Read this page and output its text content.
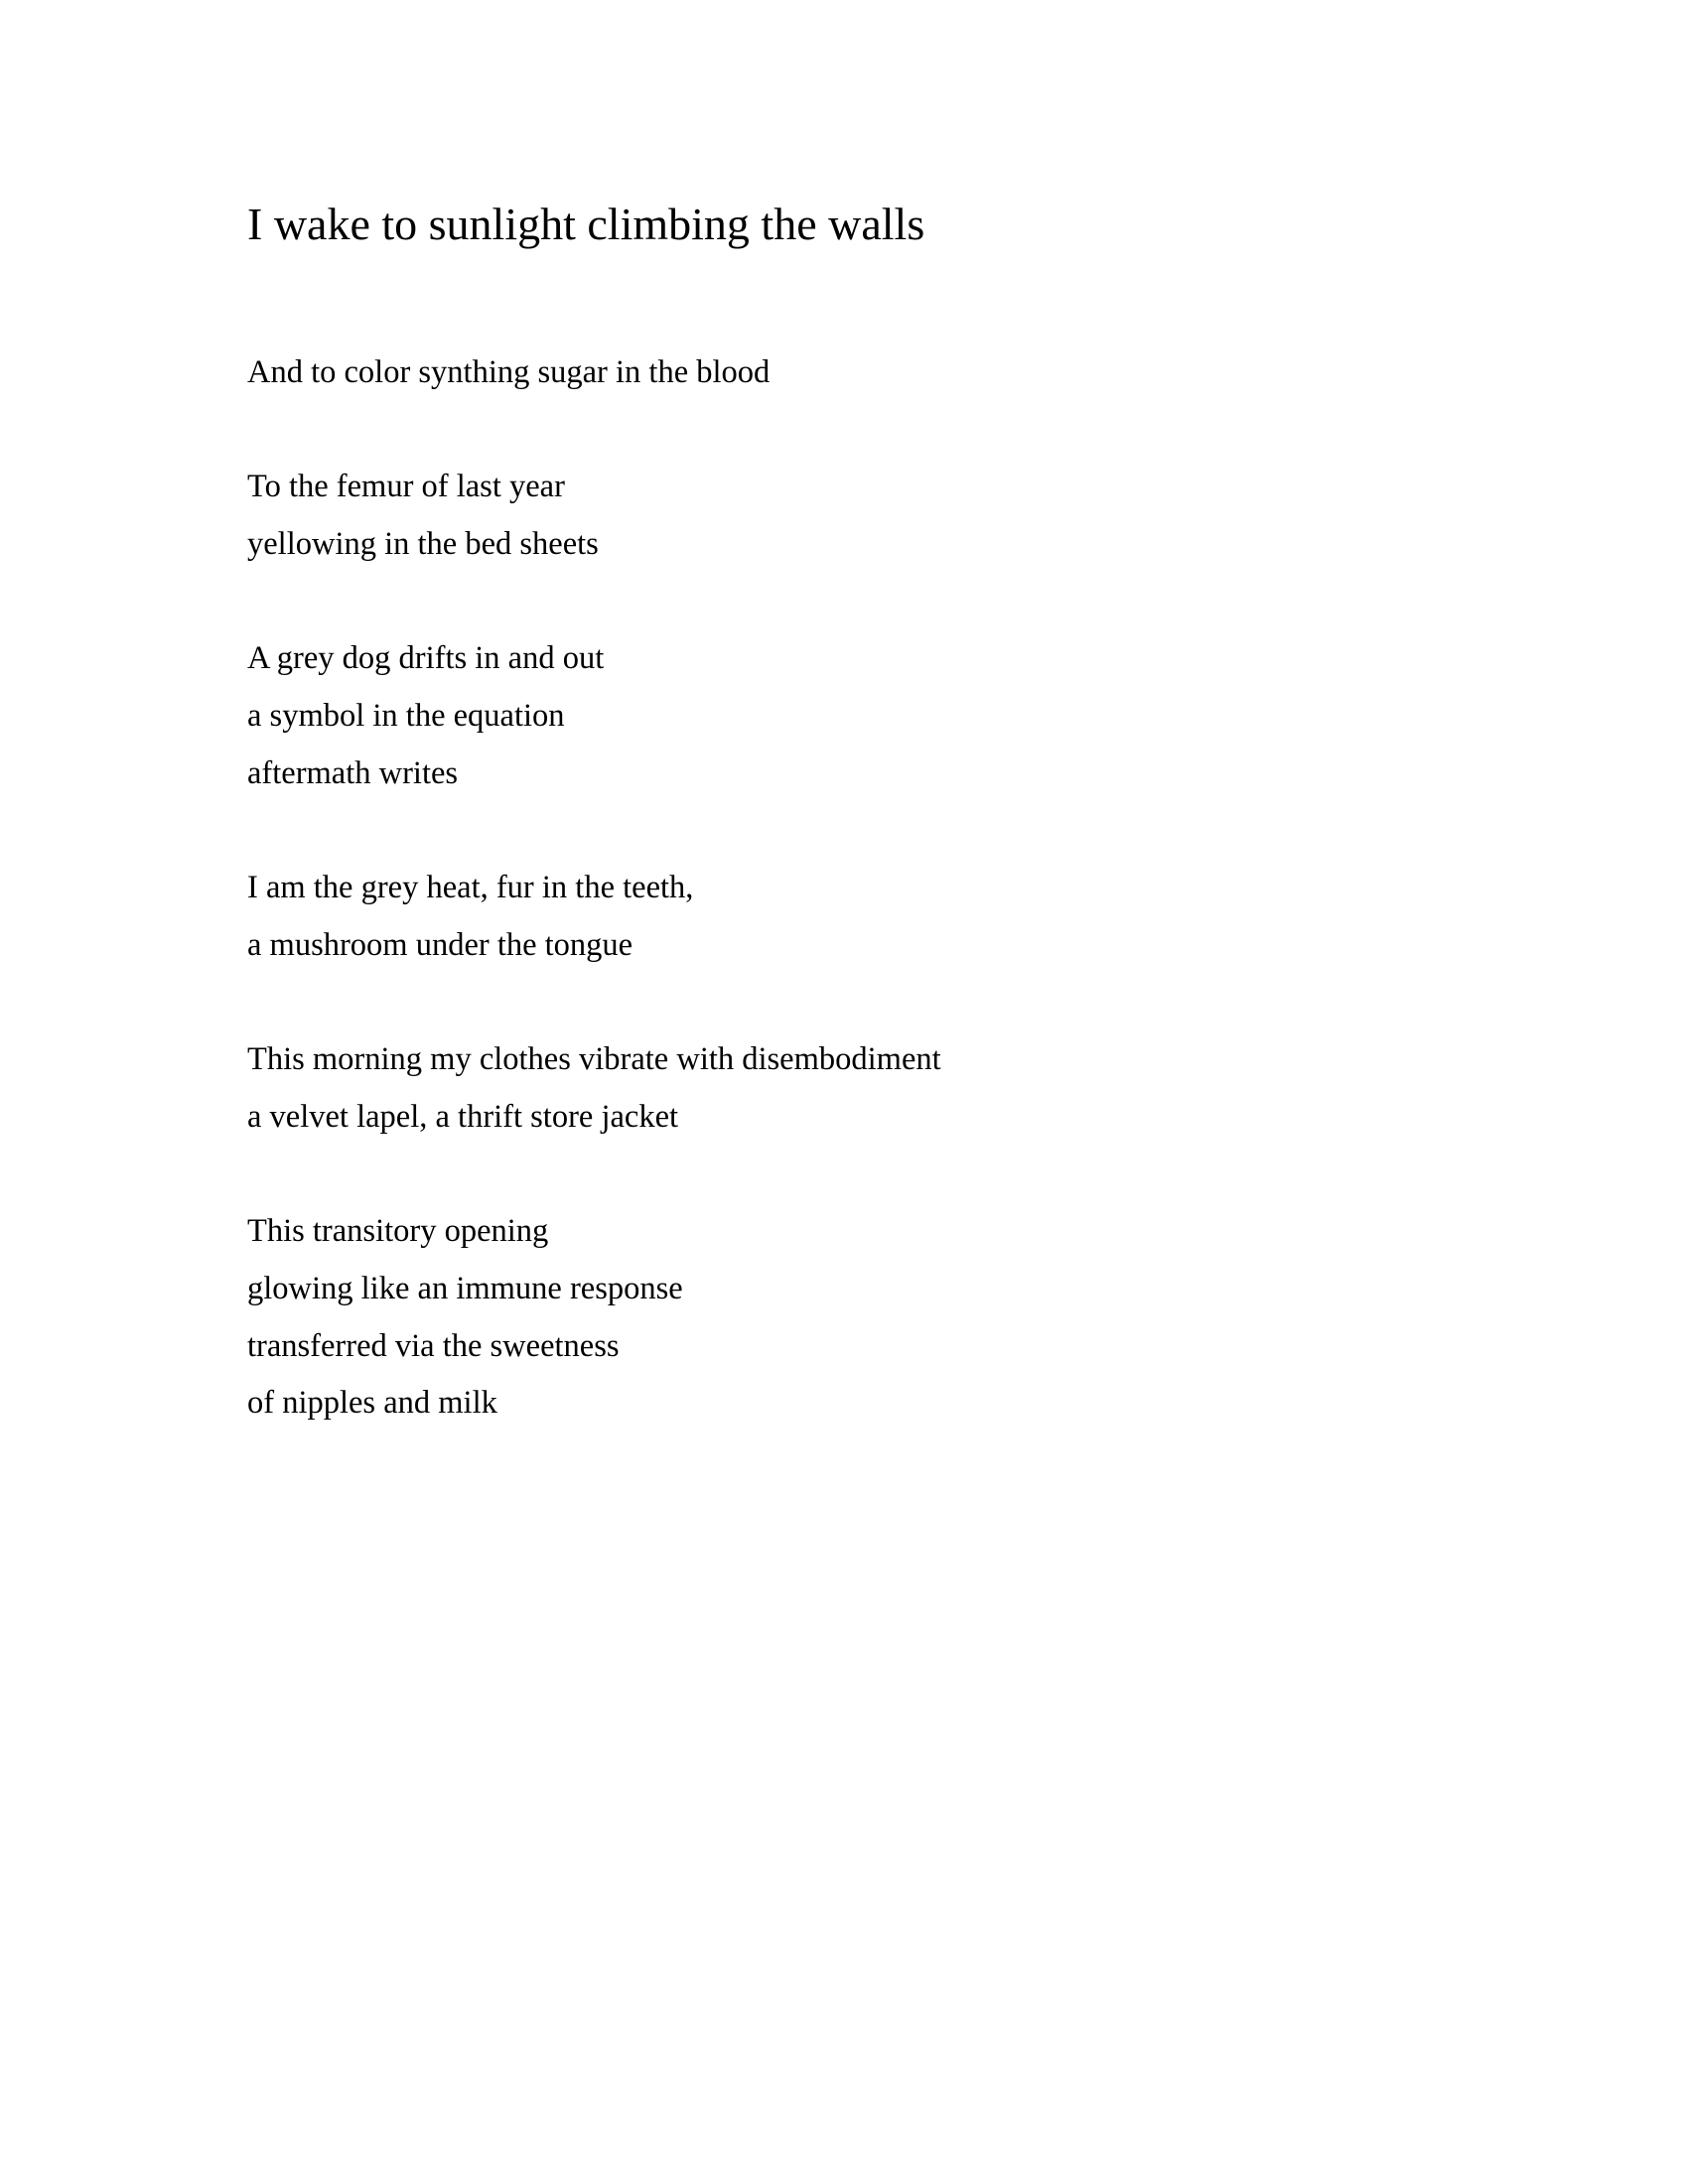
I wake to sunlight climbing the walls
And to color synthing sugar in the blood
To the femur of last year
yellowing in the bed sheets
A grey dog drifts in and out
a symbol in the equation
aftermath writes
I am the grey heat, fur in the teeth,
a mushroom under the tongue
This morning my clothes vibrate with disembodiment
a velvet lapel, a thrift store jacket
This transitory opening
glowing like an immune response
transferred via the sweetness
of nipples and milk
